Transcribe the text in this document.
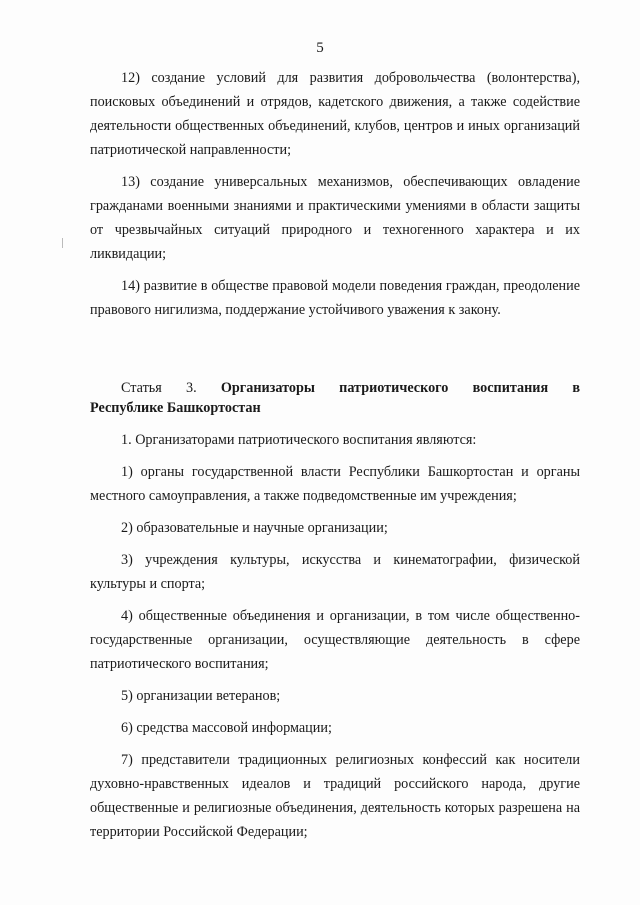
5

12) создание условий для развития добровольчества (волонтерства), поисковых объединений и отрядов, кадетского движения, а также содействие деятельности общественных объединений, клубов, центров и иных организаций патриотической направленности;

13) создание универсальных механизмов, обеспечивающих овладение гражданами военными знаниями и практическими умениями в области защиты от чрезвычайных ситуаций природного и техногенного характера и их ликвидации;

14) развитие в обществе правовой модели поведения граждан, преодоление правового нигилизма, поддержание устойчивого уважения к закону.

Статья 3. Организаторы патриотического воспитания в

Республике Башкортостан

1. Организаторами патриотического воспитания являются:

1) органы государственной власти Республики Башкортостан и органы местного самоуправления, а также подведомственные им учреждения;

2) образовательные и научные организации;

3) учреждения культуры, искусства и кинематографии, физической культуры и спорта;

4) общественные объединения и организации, в том числе общественно-государственные организации, осуществляющие деятельность в сфере патриотического воспитания;

5) организации ветеранов;

6) средства массовой информации;

7) представители традиционных религиозных конфессий как носители духовно-нравственных идеалов и традиций российского народа, другие общественные и религиозные объединения, деятельность которых разрешена на территории Российской Федерации;
